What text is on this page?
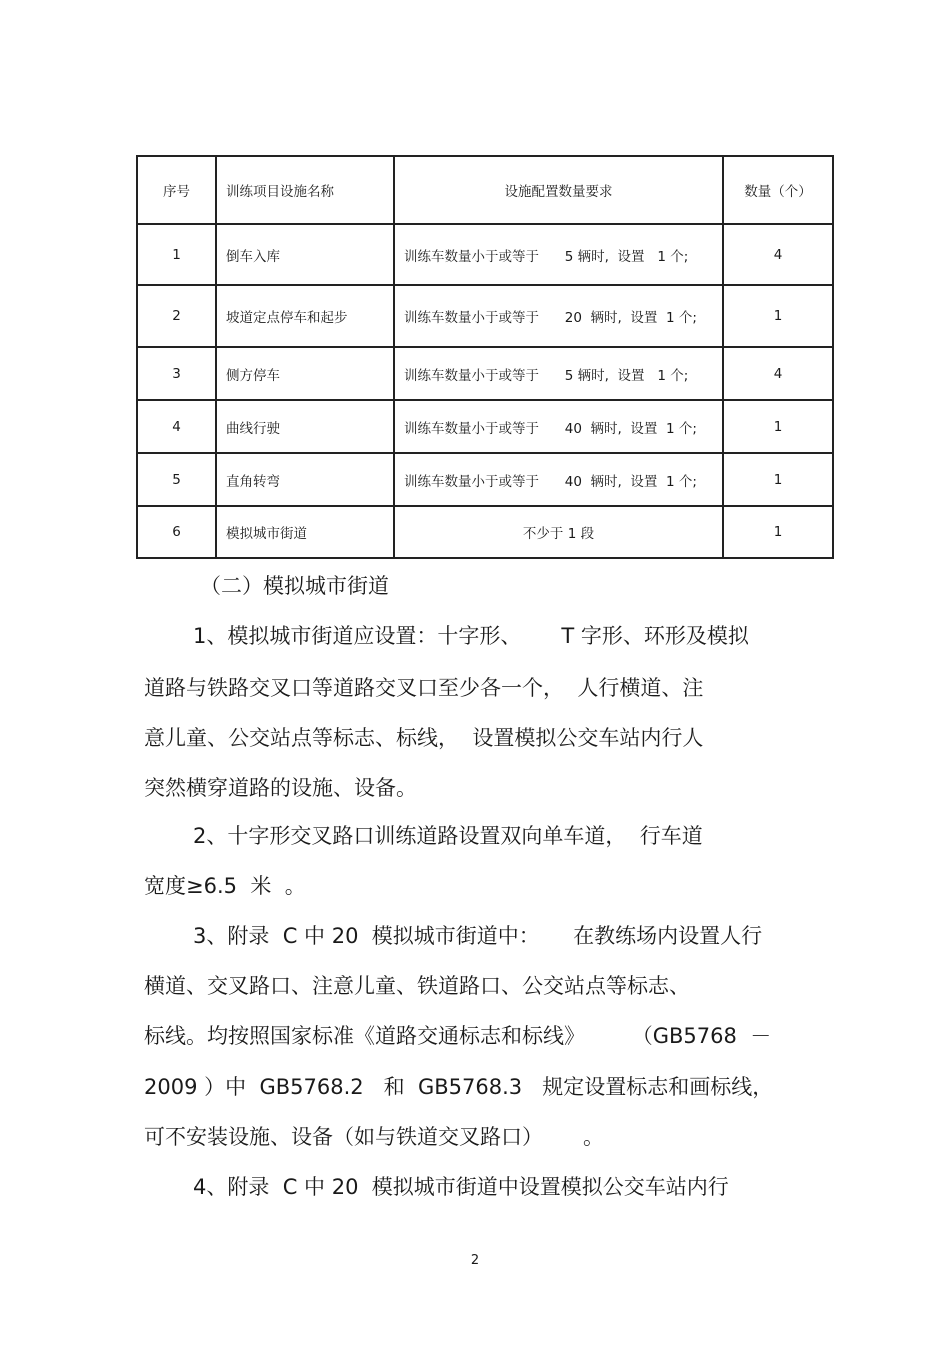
序号	训练项目设施名称	设施配置数量要求	数量（个）
1	倒车入库	训练车数量小于或等于      5 辆时,  设置   1 个;	4
2	坡道定点停车和起步	训练车数量小于或等于      20  辆时,  设置  1 个;	1
3	侧方停车	训练车数量小于或等于      5 辆时,  设置   1 个;	4
4	曲线行驶	训练车数量小于或等于      40  辆时,  设置  1 个;	1
5	直角转弯	训练车数量小于或等于      40  辆时,  设置  1 个;	1
6	模拟城市街道	不少于 1 段	1
（二）模拟城市街道
1、模拟城市街道应设置：十字形、      T 字形、环形及模拟
道路与铁路交叉口等道路交叉口至少各一个，  人行横道、注
意儿童、公交站点等标志、标线，  设置模拟公交车站内行人
突然横穿道路的设施、设备。
2、十字形交叉路口训练道路设置双向单车道，  行车道
宽度≥6.5  米  。
3、附录  C 中 20  模拟城市街道中：     在教练场内设置人行
横道、交叉路口、注意儿童、铁道路口、公交站点等标志、
标线。均按照国家标准《道路交通标志和标线》       （GB5768  －
2009 ）中  GB5768.2   和  GB5768.3   规定设置标志和画标线，
可不安装设施、设备（如与铁道交叉路口）      。
4、附录  C 中 20  模拟城市街道中设置模拟公交车站内行
2
